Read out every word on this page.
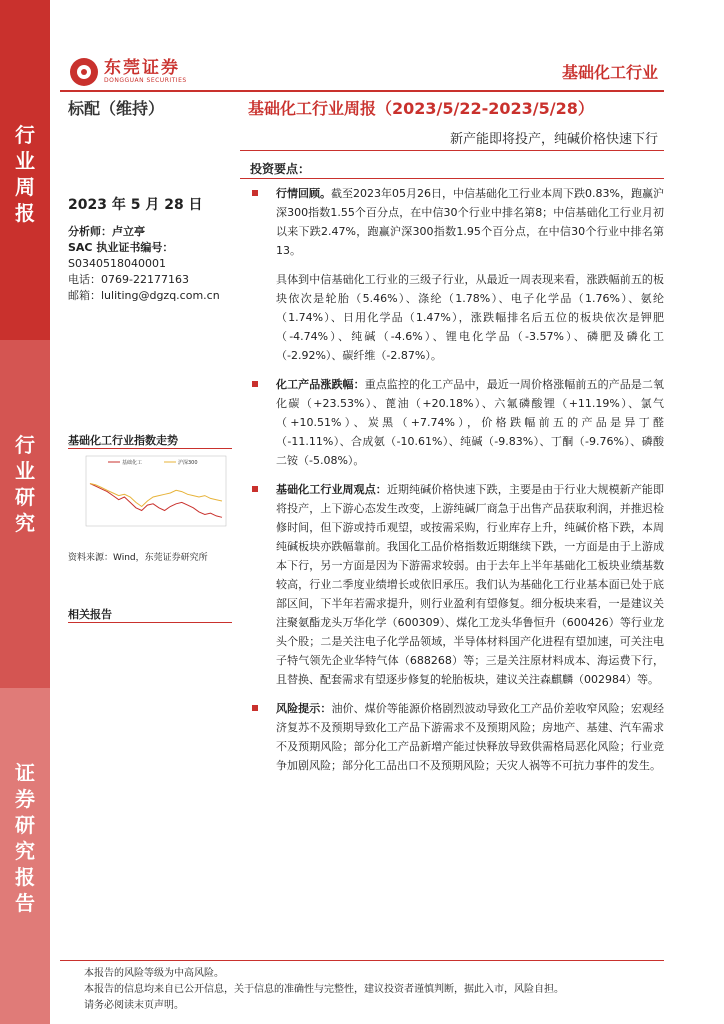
行
业
周
报
行
业
研
究
证
券
研
究
报
告
东莞证券
DONGGUAN SECURITIES	基础化工行业
标配（维持）	基础化工行业周报（2023/5/22-2023/5/28）
新产能即将投产，纯碱价格快速下行
2023 年 5 月 28 日
分析师：卢立亭
SAC 执业证书编号：
S0340518040001
电话：0769-22177163
邮箱：luliting@dgzq.com.cn
基础化工行业指数走势
基础化工	沪深300
资料来源：Wind，东莞证券研究所
相关报告
投资要点：
行情回顾。截至2023年05月26日，中信基础化工行业本周下跌0.83%，跑赢沪深300指数1.55个百分点，在中信30个行业中排名第8；中信基础化工行业月初以来下跌2.47%，跑赢沪深300指数1.95个百分点，在中信30个行业中排名第13。
具体到中信基础化工行业的三级子行业，从最近一周表现来看，涨跌幅前五的板块依次是轮胎（5.46%）、涤纶（1.78%）、电子化学品（1.76%）、氨纶（1.74%）、日用化学品（1.47%），涨跌幅排名后五位的板块依次是钾肥（-4.74%）、纯碱（-4.6%）、锂电化学品（-3.57%）、磷肥及磷化工（-2.92%）、碳纤维（-2.87%）。
化工产品涨跌幅：重点监控的化工产品中，最近一周价格涨幅前五的产品是二氧化碳（+23.53%）、蓖油（+20.18%）、六氟磷酸锂（+11.19%）、氯气（+10.51%）、炭黑（+7.74%），价格跌幅前五的产品是异丁醛（-11.11%）、合成氨（-10.61%）、纯碱（-9.83%）、丁酮（-9.76%）、磷酸二铵（-5.08%）。
基础化工行业周观点：近期纯碱价格快速下跌，主要是由于行业大规模新产能即将投产，上下游心态发生改变，上游纯碱厂商急于出售产品获取利润，并推迟检修时间，但下游或持币观望，或按需采购，行业库存上升，纯碱价格下跌，本周纯碱板块亦跌幅靠前。我国化工品价格指数近期继续下跌，一方面是由于上游成本下行，另一方面是因为下游需求较弱。由于去年上半年基础化工板块业绩基数较高，行业二季度业绩增长或依旧承压。我们认为基础化工行业基本面已处于底部区间，下半年若需求提升，则行业盈利有望修复。细分板块来看，一是建议关注聚氨酯龙头万华化学（600309）、煤化工龙头华鲁恒升（600426）等行业龙头个股；二是关注电子化学品领域，半导体材料国产化进程有望加速，可关注电子特气领先企业华特气体（688268）等；三是关注原材料成本、海运费下行，且替换、配套需求有望逐步修复的轮胎板块，建议关注森麒麟（002984）等。
风险提示：油价、煤价等能源价格剧烈波动导致化工产品价差收窄风险；宏观经济复苏不及预期导致化工产品下游需求不及预期风险；房地产、基建、汽车需求不及预期风险；部分化工产品新增产能过快释放导致供需格局恶化风险；行业竞争加剧风险；部分化工品出口不及预期风险；天灾人祸等不可抗力事件的发生。
本报告的风险等级为中高风险。
本报告的信息均来自已公开信息，关于信息的准确性与完整性，建议投资者谨慎判断，据此入市，风险自担。
请务必阅读末页声明。
